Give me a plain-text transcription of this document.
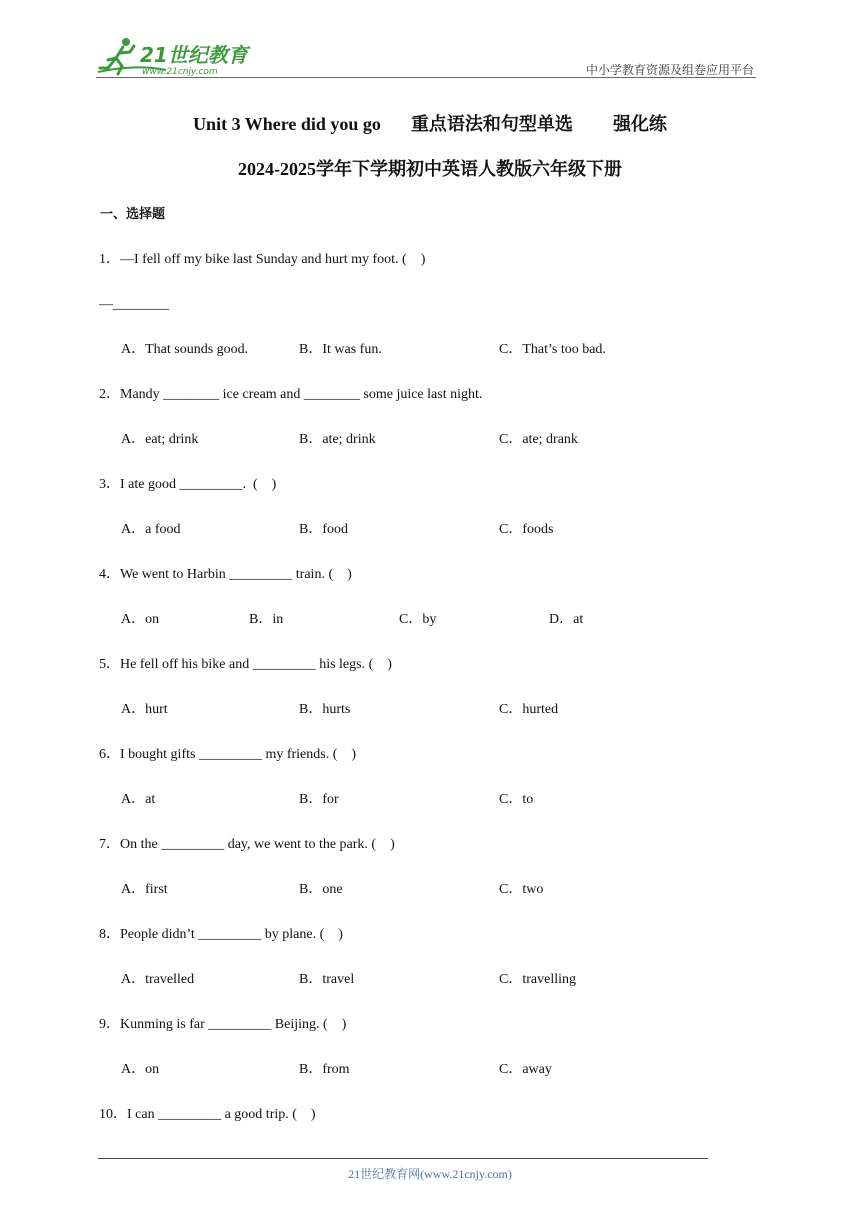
21世纪教育
www.21cnjy.com	中小学教育资源及组卷应用平台
Unit 3 Where did you go 重点语法和句型单选 强化练
2024-2025学年下学期初中英语人教版六年级下册
一、选择题
1．—I fell off my bike last Sunday and hurt my foot. (    )
—________
A．That sounds good.	B．It was fun.	C．That’s too bad.
2．Mandy ________ ice cream and ________ some juice last night.
A．eat; drink	B．ate; drink	C．ate; drank
3．I ate good _________.  (    )
A．a food	B．food	C．foods
4．We went to Harbin _________ train. (    )
A．on	B．in	C．by	D．at
5．He fell off his bike and _________ his legs. (    )
A．hurt	B．hurts	C．hurted
6．I bought gifts _________ my friends. (    )
A．at	B．for	C．to
7．On the _________ day, we went to the park. (    )
A．first	B．one	C．two
8．People didn’t _________ by plane. (    )
A．travelled	B．travel	C．travelling
9．Kunming is far _________ Beijing. (    )
A．on	B．from	C．away
10．I can _________ a good trip. (    )
21世纪教育网(www.21cnjy.com)
